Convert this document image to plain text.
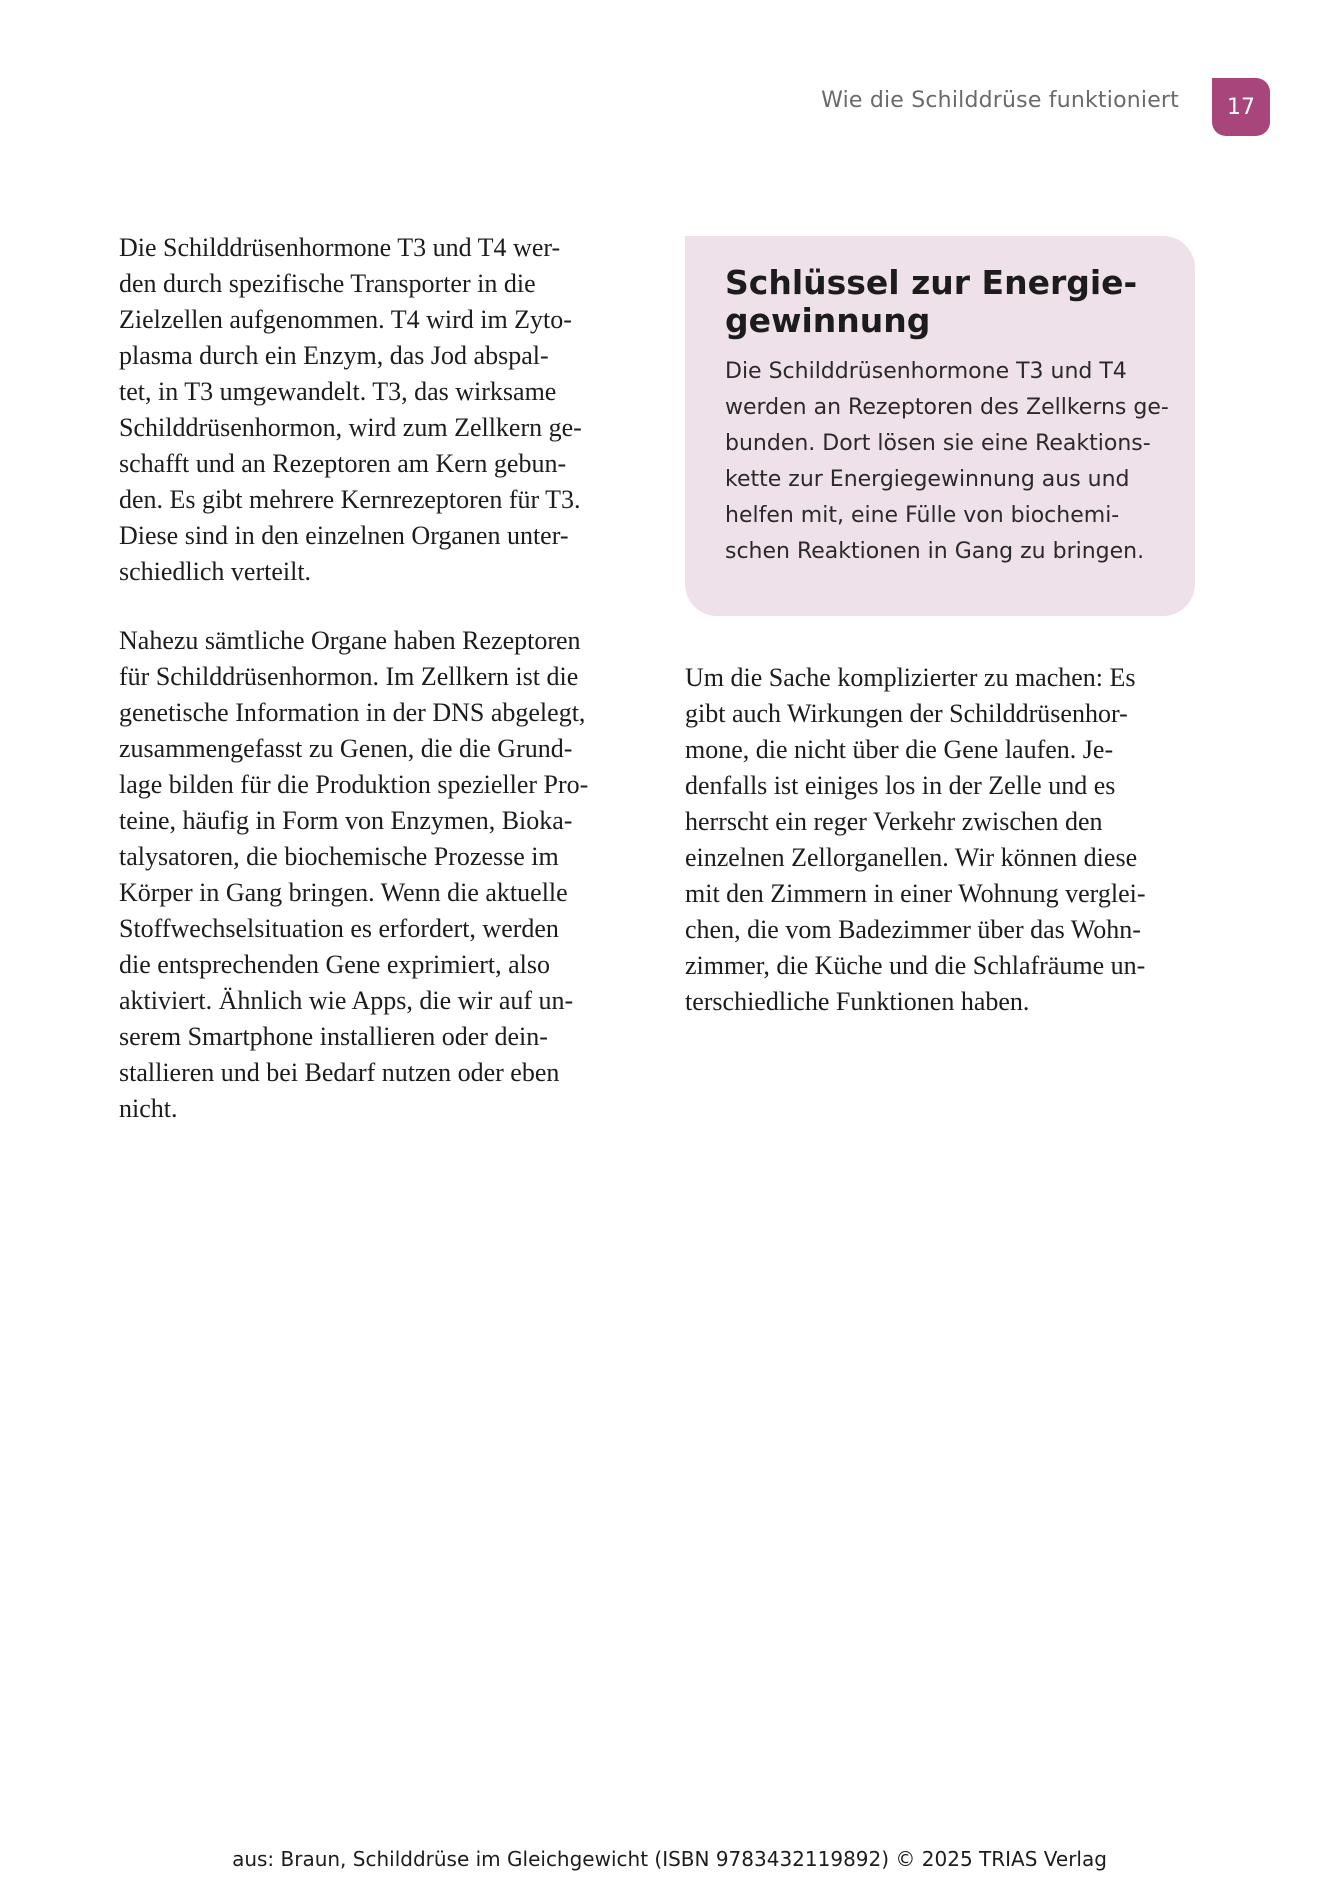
Wie die Schilddrüse funktioniert	17

Die Schilddrüsenhormone T3 und T4 wer-
den durch spezifische Transporter in die
Zielzellen aufgenommen. T4 wird im Zyto-
plasma durch ein Enzym, das Jod abspal-
tet, in T3 umgewandelt. T3, das wirksame
Schilddrüsenhormon, wird zum Zellkern ge-
schafft und an Rezeptoren am Kern gebun-
den. Es gibt mehrere Kernrezeptoren für T3.
Diese sind in den einzelnen Organen unter-
schiedlich verteilt.

Nahezu sämtliche Organe haben Rezeptoren
für Schilddrüsenhormon. Im Zellkern ist die
genetische Information in der DNS abgelegt,
zusammengefasst zu Genen, die die Grund-
lage bilden für die Produktion spezieller Pro-
teine, häufig in Form von Enzymen, Bioka-
talysatoren, die biochemische Prozesse im
Körper in Gang bringen. Wenn die aktuelle
Stoffwechselsituation es erfordert, werden
die entsprechenden Gene exprimiert, also
aktiviert. Ähnlich wie Apps, die wir auf un-
serem Smartphone installieren oder dein-
stallieren und bei Bedarf nutzen oder eben
nicht.

Schlüssel zur Energie-
gewinnung

Die Schilddrüsenhormone T3 und T4
werden an Rezeptoren des Zellkerns ge-
bunden. Dort lösen sie eine Reaktions-
kette zur Energiegewinnung aus und
helfen mit, eine Fülle von biochemi-
schen Reaktionen in Gang zu bringen.

Um die Sache komplizierter zu machen: Es
gibt auch Wirkungen der Schilddrüsenhor-
mone, die nicht über die Gene laufen. Je-
denfalls ist einiges los in der Zelle und es
herrscht ein reger Verkehr zwischen den
einzelnen Zellorganellen. Wir können diese
mit den Zimmern in einer Wohnung verglei-
chen, die vom Badezimmer über das Wohn-
zimmer, die Küche und die Schlafräume un-
terschiedliche Funktionen haben.

aus: Braun, Schilddrüse im Gleichgewicht (ISBN 9783432119892) © 2025 TRIAS Verlag
